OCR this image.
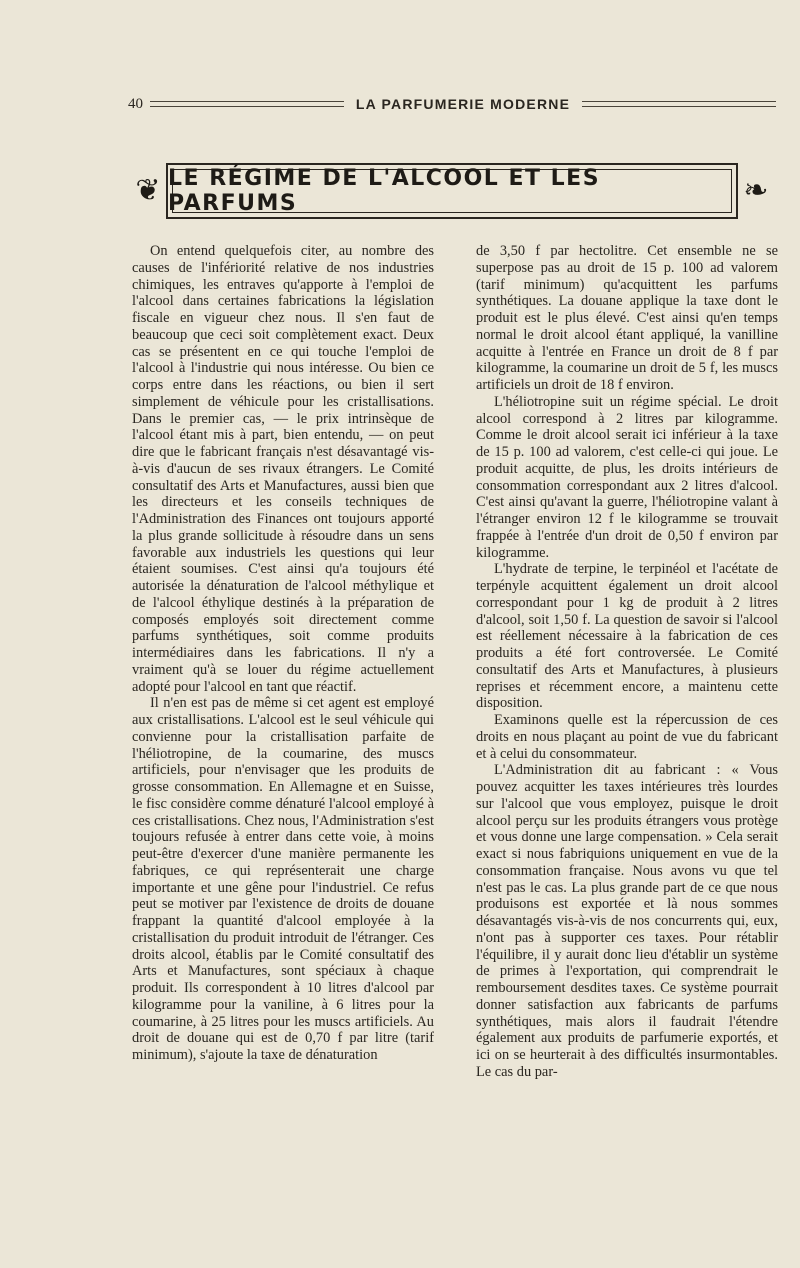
40	LA PARFUMERIE MODERNE
❦ LE RÉGIME DE L'ALCOOL ET LES PARFUMS	❧

On entend quelquefois citer, au nombre des causes de l'infériorité relative de nos industries chimiques, les entraves qu'apporte à l'emploi de l'alcool dans certaines fabrications la législation fiscale en vigueur chez nous. Il s'en faut de beaucoup que ceci soit complètement exact. Deux cas se présentent en ce qui touche l'emploi de l'alcool à l'industrie qui nous intéresse. Ou bien ce corps entre dans les réactions, ou bien il sert simplement de véhicule pour les cristallisations. Dans le premier cas, — le prix intrinsèque de l'alcool étant mis à part, bien entendu, — on peut dire que le fabricant français n'est désavantagé vis-à-vis d'aucun de ses rivaux étrangers. Le Comité consultatif des Arts et Manufactures, aussi bien que les directeurs et les conseils techniques de l'Administration des Finances ont toujours apporté la plus grande sollicitude à résoudre dans un sens favorable aux industriels les questions qui leur étaient soumises. C'est ainsi qu'a toujours été autorisée la dénaturation de l'alcool méthylique et de l'alcool éthylique destinés à la préparation de composés employés soit directement comme parfums synthétiques, soit comme produits intermédiaires dans les fabrications. Il n'y a vraiment qu'à se louer du régime actuellement adopté pour l'alcool en tant que réactif.

Il n'en est pas de même si cet agent est employé aux cristallisations. L'alcool est le seul véhicule qui convienne pour la cristallisation parfaite de l'héliotropine, de la coumarine, des muscs artificiels, pour n'envisager que les produits de grosse consommation. En Allemagne et en Suisse, le fisc considère comme dénaturé l'alcool employé à ces cristallisations. Chez nous, l'Administration s'est toujours refusée à entrer dans cette voie, à moins peut-être d'exercer d'une manière permanente les fabriques, ce qui représenterait une charge importante et une gêne pour l'industriel. Ce refus peut se motiver par l'existence de droits de douane frappant la quantité d'alcool employée à la cristallisation du produit introduit de l'étranger. Ces droits alcool, établis par le Comité consultatif des Arts et Manufactures, sont spéciaux à chaque produit. Ils correspondent à 10 litres d'alcool par kilogramme pour la vaniline, à 6 litres pour la coumarine, à 25 litres pour les muscs artificiels. Au droit de douane qui est de 0,70 f par litre (tarif minimum), s'ajoute la taxe de dénaturation

de 3,50 f par hectolitre. Cet ensemble ne se superpose pas au droit de 15 p. 100 ad valorem (tarif minimum) qu'acquittent les parfums synthétiques. La douane applique la taxe dont le produit est le plus élevé. C'est ainsi qu'en temps normal le droit alcool étant appliqué, la vanilline acquitte à l'entrée en France un droit de 8 f par kilogramme, la coumarine un droit de 5 f, les muscs artificiels un droit de 18 f environ.

L'héliotropine suit un régime spécial. Le droit alcool correspond à 2 litres par kilogramme. Comme le droit alcool serait ici inférieur à la taxe de 15 p. 100 ad valorem, c'est celle-ci qui joue. Le produit acquitte, de plus, les droits intérieurs de consommation correspondant aux 2 litres d'alcool. C'est ainsi qu'avant la guerre, l'héliotropine valant à l'étranger environ 12 f le kilogramme se trouvait frappée à l'entrée d'un droit de 0,50 f environ par kilogramme.

L'hydrate de terpine, le terpinéol et l'acétate de terpényle acquittent également un droit alcool correspondant pour 1 kg de produit à 2 litres d'alcool, soit 1,50 f. La question de savoir si l'alcool est réellement nécessaire à la fabrication de ces produits a été fort controversée. Le Comité consultatif des Arts et Manufactures, à plusieurs reprises et récemment encore, a maintenu cette disposition.

Examinons quelle est la répercussion de ces droits en nous plaçant au point de vue du fabricant et à celui du consommateur.

L'Administration dit au fabricant : « Vous pouvez acquitter les taxes intérieures très lourdes sur l'alcool que vous employez, puisque le droit alcool perçu sur les produits étrangers vous protège et vous donne une large compensation. » Cela serait exact si nous fabriquions uniquement en vue de la consommation française. Nous avons vu que tel n'est pas le cas. La plus grande part de ce que nous produisons est exportée et là nous sommes désavantagés vis-à-vis de nos concurrents qui, eux, n'ont pas à supporter ces taxes. Pour rétablir l'équilibre, il y aurait donc lieu d'établir un système de primes à l'exportation, qui comprendrait le remboursement desdites taxes. Ce système pourrait donner satisfaction aux fabricants de parfums synthétiques, mais alors il faudrait l'étendre également aux produits de parfumerie exportés, et ici on se heurterait à des difficultés insurmontables. Le cas du par-
